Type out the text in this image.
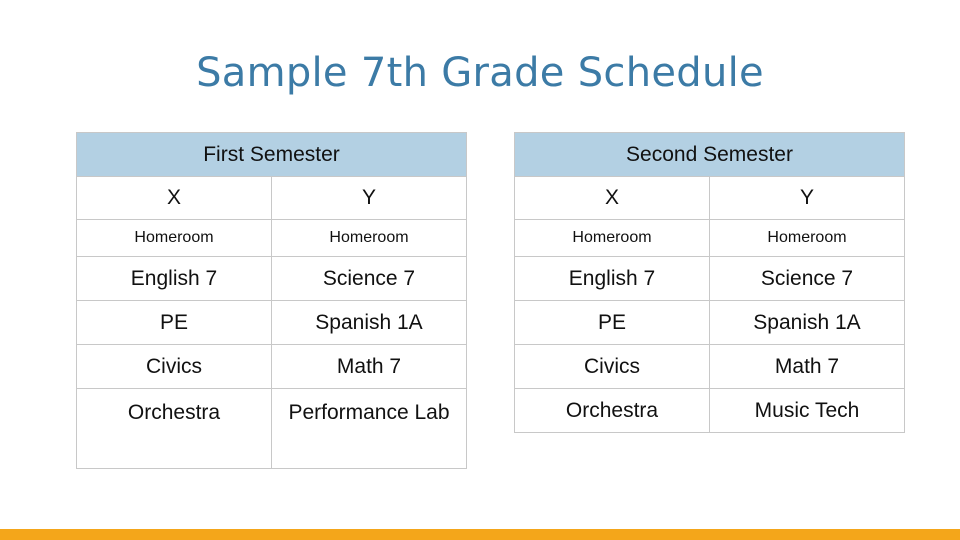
Sample 7th Grade Schedule
First Semester	
X	Y
Homeroom	Homeroom
English 7	Science 7
PE	Spanish 1A
Civics	Math 7
Orchestra	Performance Lab
Second Semester	
X	Y
Homeroom	Homeroom
English 7	Science 7
PE	Spanish 1A
Civics	Math 7
Orchestra	Music Tech
